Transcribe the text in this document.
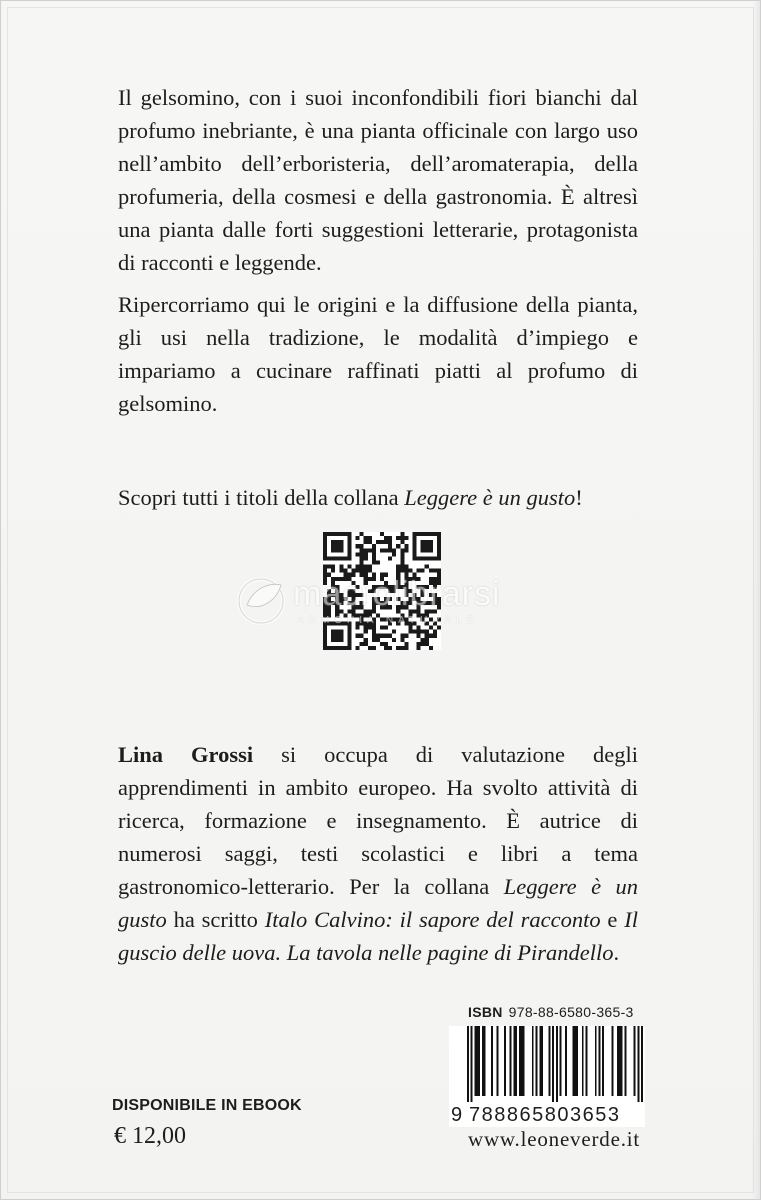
Il gelsomino, con i suoi inconfondibili fiori bianchi dal profumo inebriante, è una pianta officinale con largo uso nell’ambito dell’erboristeria, dell’aromaterapia, della profumeria, della cosmesi e della gastronomia. È altresì una pianta dalle forti suggestioni letterarie, protagonista di racconti e leggende.

Ripercorriamo qui le origini e la diffusione della pianta, gli usi nella tradizione, le modalità d’impiego e impariamo a cucinare raffinati piatti al profumo di gelsomino.

Scopri tutti i titoli della collana Leggere è un gusto!
macrolibrarsi
ARMONIA NATURALE

Lina Grossi si occupa di valutazione degli apprendimenti in ambito europeo. Ha svolto attività di ricerca, formazione e insegnamento. È autrice di numerosi saggi, testi scolastici e libri a tema gastronomico-letterario. Per la collana Leggere è un gusto ha scritto Italo Calvino: il sapore del racconto e Il guscio delle uova. La tavola nelle pagine di Pirandello.

ISBN 978-88-6580-365-3
9 788865803653
DISPONIBILE IN EBOOK
€ 12,00	www.leoneverde.it
